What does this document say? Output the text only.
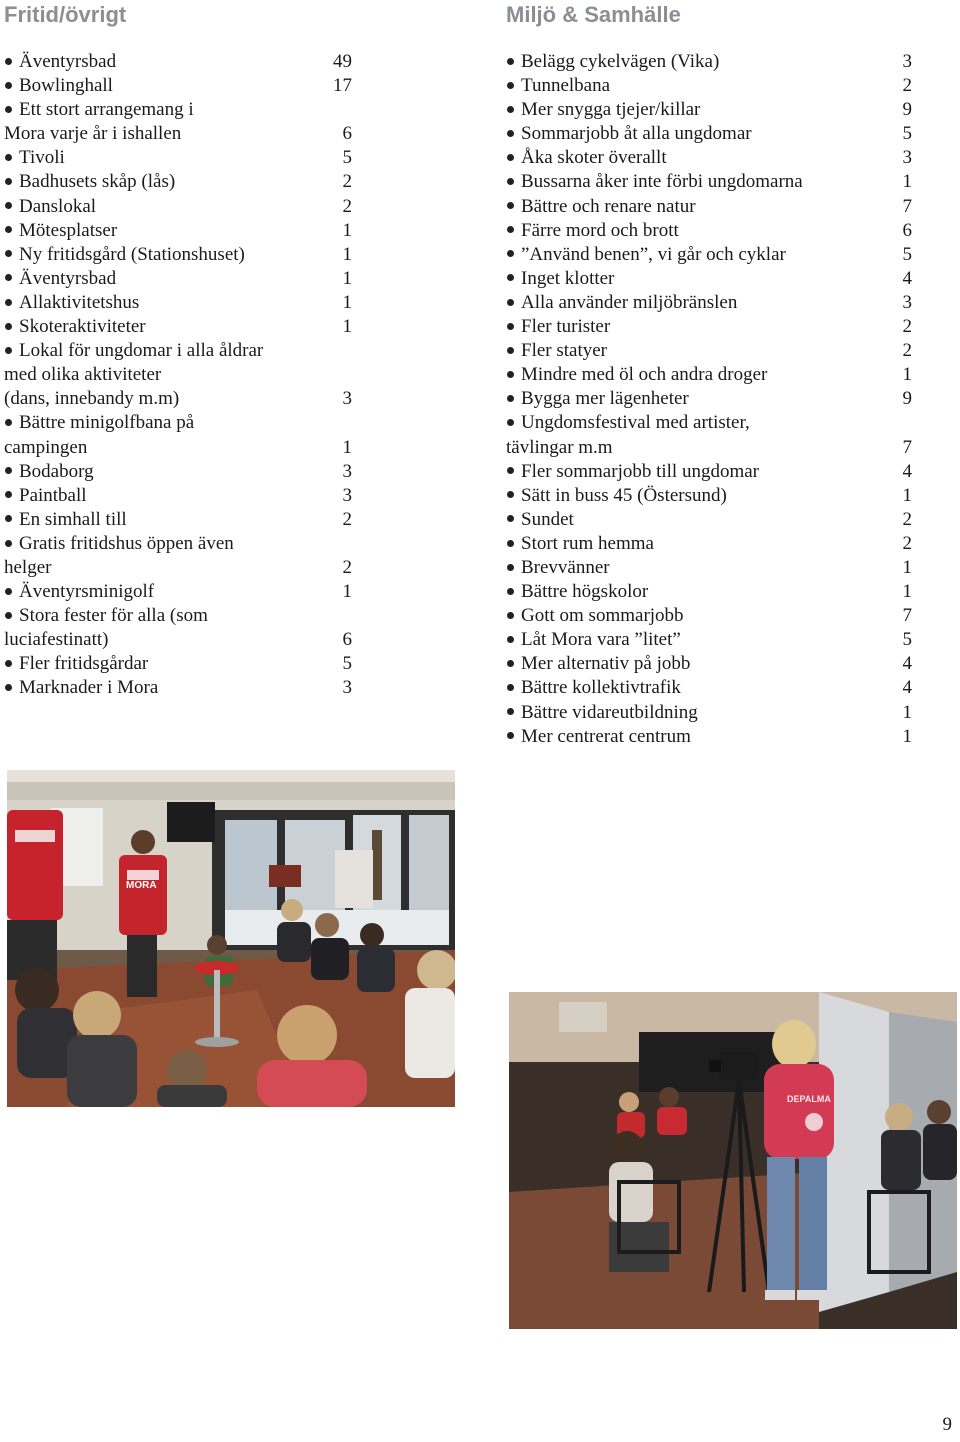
Fritid/övrigt
Äventyrsbad	49
Bowlinghall	17
Ett stort arrangemang i
Mora varje år i ishallen	6
Tivoli	5
Badhusets skåp (lås)	2
Danslokal	2
Mötesplatser	1
Ny fritidsgård (Stationshuset)	1
Äventyrsbad	1
Allaktivitetshus	1
Skoteraktiviteter	1
Lokal för ungdomar i alla åldrar
med olika aktiviteter
(dans, innebandy m.m)	3
Bättre minigolfbana på
campingen	1
Bodaborg	3
Paintball	3
En simhall till	2
Gratis fritidshus öppen även
helger	2
Äventyrsminigolf	1
Stora fester för alla (som
luciafestinatt)	6
Fler fritidsgårdar	5
Marknader i Mora	3
Miljö & Samhälle
Belägg cykelvägen (Vika)	3
Tunnelbana	2
Mer snygga tjejer/killar	9
Sommarjobb åt alla ungdomar	5
Åka skoter överallt	3
Bussarna åker inte förbi ungdomarna	1
Bättre och renare natur	7
Färre mord och brott	6
”Använd benen”, vi går och cyklar	5
Inget klotter	4
Alla använder miljöbränslen	3
Fler turister	2
Fler statyer	2
Mindre med öl och andra droger	1
Bygga mer lägenheter	9
Ungdomsfestival med artister,
tävlingar m.m	7
Fler sommarjobb till ungdomar	4
Sätt in buss 45 (Östersund)	1
Sundet	2
Stort rum hemma	2
Brevvänner	1
Bättre högskolor	1
Gott om sommarjobb	7
Låt Mora vara ”litet”	5
Mer alternativ på jobb	4
Bättre kollektivtrafik	4
Bättre vidareutbildning	1
Mer centrerat centrum	1
MORA
DEPALMA
9
